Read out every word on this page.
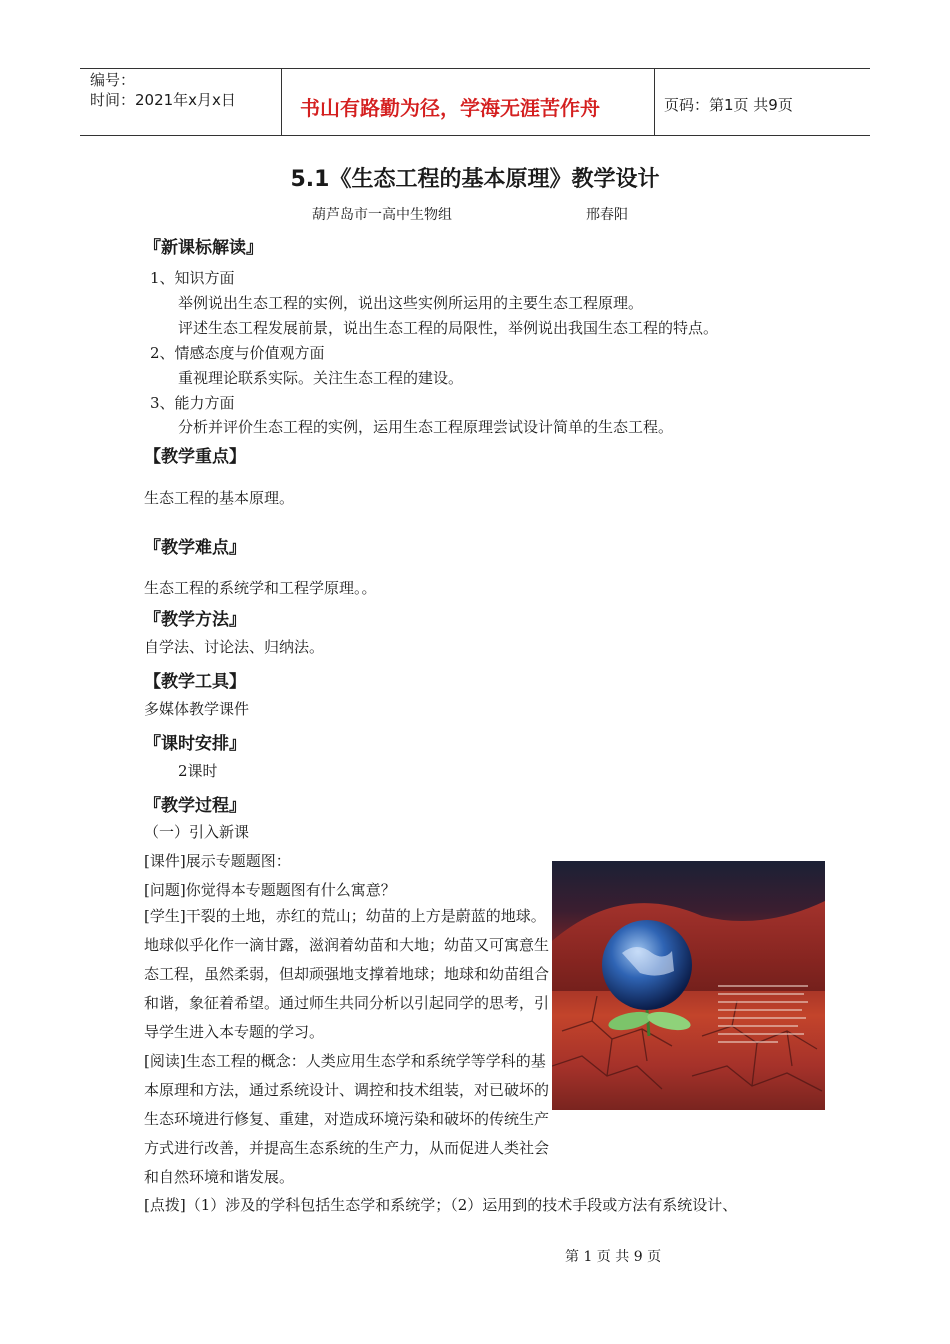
编号：
时间：2021年x月x日	书山有路勤为径，学海无涯苦作舟	页码：第1页 共9页
5.1《生态工程的基本原理》教学设计
葫芦岛市一高中生物组	邢春阳
『新课标解读』
1、知识方面
举例说出生态工程的实例，说出这些实例所运用的主要生态工程原理。
评述生态工程发展前景，说出生态工程的局限性，举例说出我国生态工程的特点。
2、情感态度与价值观方面
重视理论联系实际。关注生态工程的建设。
3、能力方面
分析并评价生态工程的实例，运用生态工程原理尝试设计简单的生态工程。
【教学重点】
生态工程的基本原理。
『教学难点』
生态工程的系统学和工程学原理。。
『教学方法』
自学法、讨论法、归纳法。
【教学工具】
多媒体教学课件
『课时安排』
2课时
『教学过程』
（一）引入新课
[课件]展示专题题图：
[问题]你觉得本专题题图有什么寓意？
[学生]干裂的土地，赤红的荒山；幼苗的上方是蔚蓝的地球。地球似乎化作一滴甘露，滋润着幼苗和大地；幼苗又可寓意生态工程，虽然柔弱，但却顽强地支撑着地球；地球和幼苗组合和谐，象征着希望。通过师生共同分析以引起同学的思考，引导学生进入本专题的学习。
[阅读]生态工程的概念：人类应用生态学和系统学等学科的基本原理和方法，通过系统设计、调控和技术组装，对已破坏的生态环境进行修复、重建，对造成环境污染和破坏的传统生产方式进行改善，并提高生态系统的生产力，从而促进人类社会和自然环境和谐发展。
[点拨]（1）涉及的学科包括生态学和系统学；（2）运用到的技术手段或方法有系统设计、
第 1 页 共 9 页
